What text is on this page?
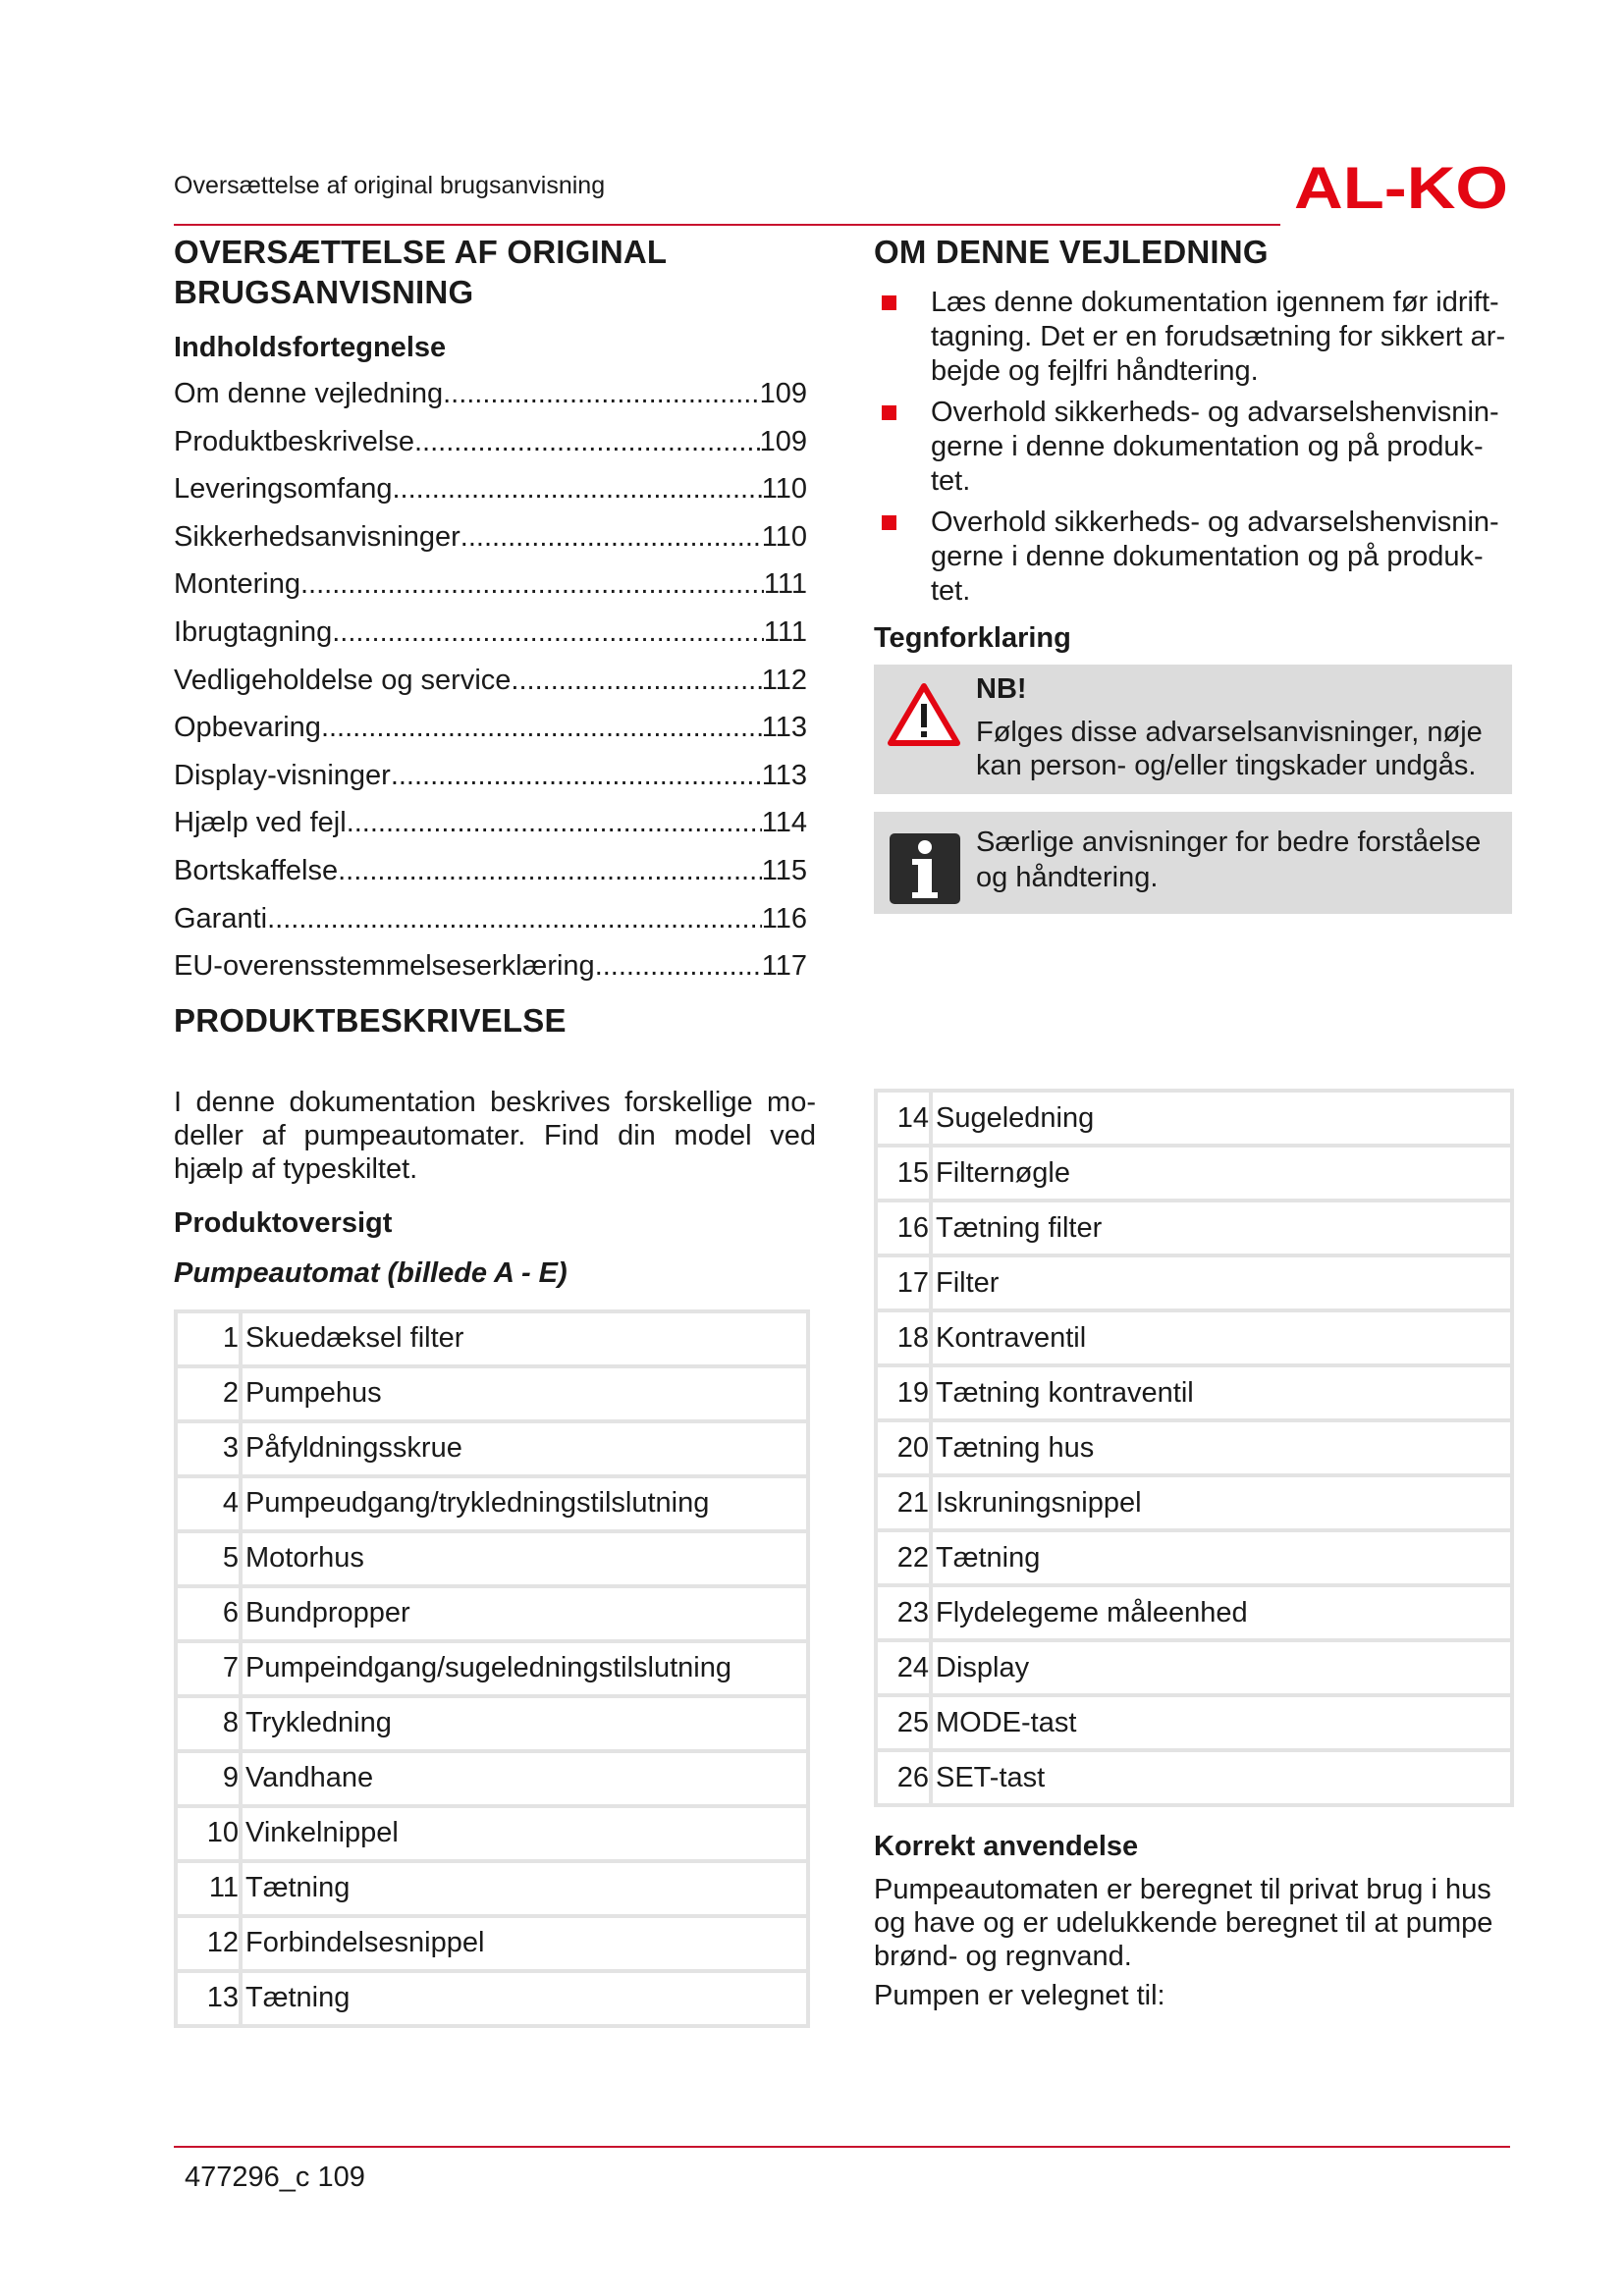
Oversættelse af original brugsanvisning	AL-KO
OVERSÆTTELSE AF ORIGINAL
BRUGSANVISNING
Indholdsfortegnelse
Om denne vejledning .....	109
Produktbeskrivelse .....	109
Leveringsomfang .....	110
Sikkerhedsanvisninger .....	110
Montering .....	111
Ibrugtagning .....	111
Vedligeholdelse og service .....	112
Opbevaring .....	113
Display-visninger .....	113
Hjælp ved fejl .....	114
Bortskaffelse .....	115
Garanti .....	116
EU-overensstemmelseserklæring .....	117
PRODUKTBESKRIVELSE
I denne dokumentation beskrives forskellige mo-
deller af pumpeautomater. Find din model ved
hjælp af typeskiltet.
Produktoversigt
Pumpeautomat (billede A - E)
1	Skuedæksel filter
2	Pumpehus
3	Påfyldningsskrue
4	Pumpeudgang/trykledningstilslutning
5	Motorhus
6	Bundpropper
7	Pumpeindgang/sugeledningstilslutning
8	Trykledning
9	Vandhane
10	Vinkelnippel
11	Tætning
12	Forbindelsesnippel
13	Tætning
OM DENNE VEJLEDNING
Læs denne dokumentation igennem før idrift-
tagning. Det er en forudsætning for sikkert ar-
bejde og fejlfri håndtering.
Overhold sikkerheds- og advarselshenvisnin-
gerne i denne dokumentation og på produk-
tet.
Overhold sikkerheds- og advarselshenvisnin-
gerne i denne dokumentation og på produk-
tet.
Tegnforklaring
NB!
Følges disse advarselsanvisninger, nøje
kan person- og/eller tingskader undgås.
Særlige anvisninger for bedre forståelse
og håndtering.
14	Sugeledning
15	Filternøgle
16	Tætning filter
17	Filter
18	Kontraventil
19	Tætning kontraventil
20	Tætning hus
21	Iskruningsnippel
22	Tætning
23	Flydelegeme måleenhed
24	Display
25	MODE-tast
26	SET-tast
Korrekt anvendelse
Pumpeautomaten er beregnet til privat brug i hus
og have og er udelukkende beregnet til at pumpe
brønd- og regnvand.
Pumpen er velegnet til:
477296_c 109
